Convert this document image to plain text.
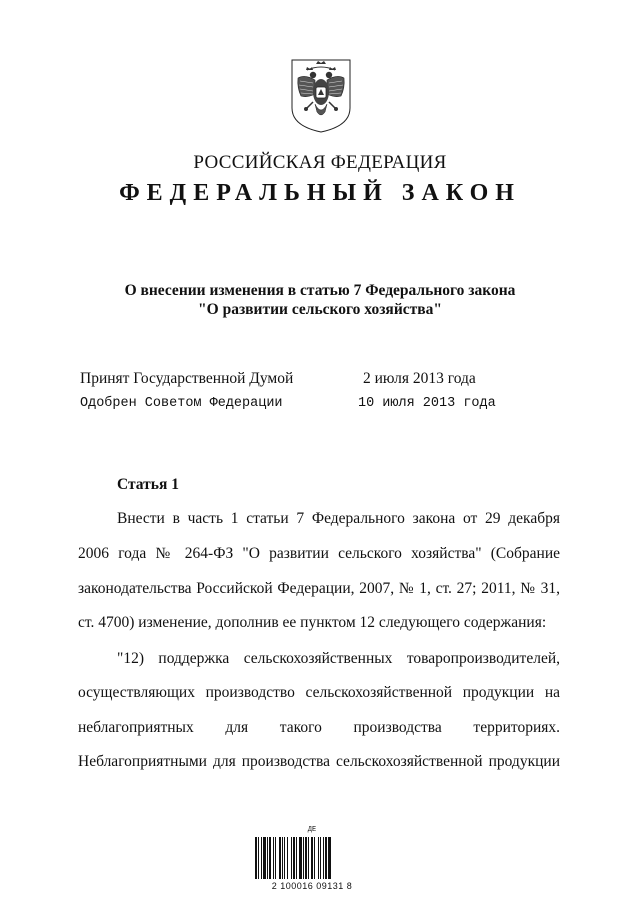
РОССИЙСКАЯ ФЕДЕРАЦИЯ
ФЕДЕРАЛЬНЫЙ ЗАКОН
О внесении изменения в статью 7 Федерального закона
"О развитии сельского хозяйства"
Принят Государственной Думой	2 июля 2013 года
Одобрен Советом Федерации	10 июля 2013 года
Статья 1
Внести в часть 1 статьи 7 Федерального закона от 29 декабря
2006 года № 264-ФЗ "О развитии сельского хозяйства" (Собрание
законодательства Российской Федерации, 2007, № 1, ст. 27; 2011, № 31,
ст. 4700) изменение, дополнив ее пунктом 12 следующего содержания:
"12) поддержка сельскохозяйственных товаропроизводителей,
осуществляющих производство сельскохозяйственной продукции на
неблагоприятных для такого производства территориях.
Неблагоприятными для производства сельскохозяйственной продукции
ДЕ
2 100016 09131 8
